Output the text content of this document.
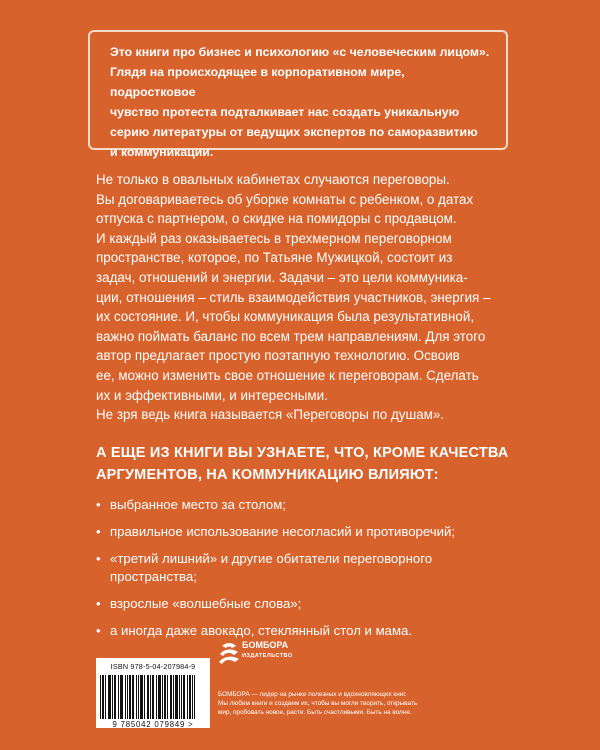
Это книги про бизнес и психологию «с человеческим лицом».
Глядя на происходящее в корпоративном мире, подростковое
чувство протеста подталкивает нас создать уникальную
серию литературы от ведущих экспертов по саморазвитию
и коммуникации.

Не только в овальных кабинетах случаются переговоры.
Вы договариваетесь об уборке комнаты с ребенком, о датах
отпуска с партнером, о скидке на помидоры с продавцом.
И каждый раз оказываетесь в трехмерном переговорном
пространстве, которое, по Татьяне Мужицкой, состоит из
задач, отношений и энергии. Задачи – это цели коммуника-
ции, отношения – стиль взаимодействия участников, энергия –
их состояние. И, чтобы коммуникация была результативной,
важно поймать баланс по всем трем направлениям. Для этого
автор предлагает простую поэтапную технологию. Освоив
ее, можно изменить свое отношение к переговорам. Сделать
их и эффективными, и интересными.
Не зря ведь книга называется «Переговоры по душам».

А ЕЩЕ ИЗ КНИГИ ВЫ УЗНАЕТЕ, ЧТО, КРОМЕ КАЧЕСТВА
АРГУМЕНТОВ, НА КОММУНИКАЦИЮ ВЛИЯЮТ:
• выбранное место за столом;
• правильное использование несогласий и противоречий;
• «третий лишний» и другие обитатели переговорного пространства;
• взрослые «волшебные слова»;
• а иногда даже авокадо, стеклянный стол и мама.
ISBN 978-5-04-207984-9
9 785042 079849 >
БОМБОРА
ИЗДАТЕЛЬСТВО
БОМБОРА — лидер на рынке полезных и вдохновляющих книг.
Мы любим книги и создаем их, чтобы вы могли творить, открывать
мир, пробовать новое, расти. Быть счастливыми. Быть на волне.
